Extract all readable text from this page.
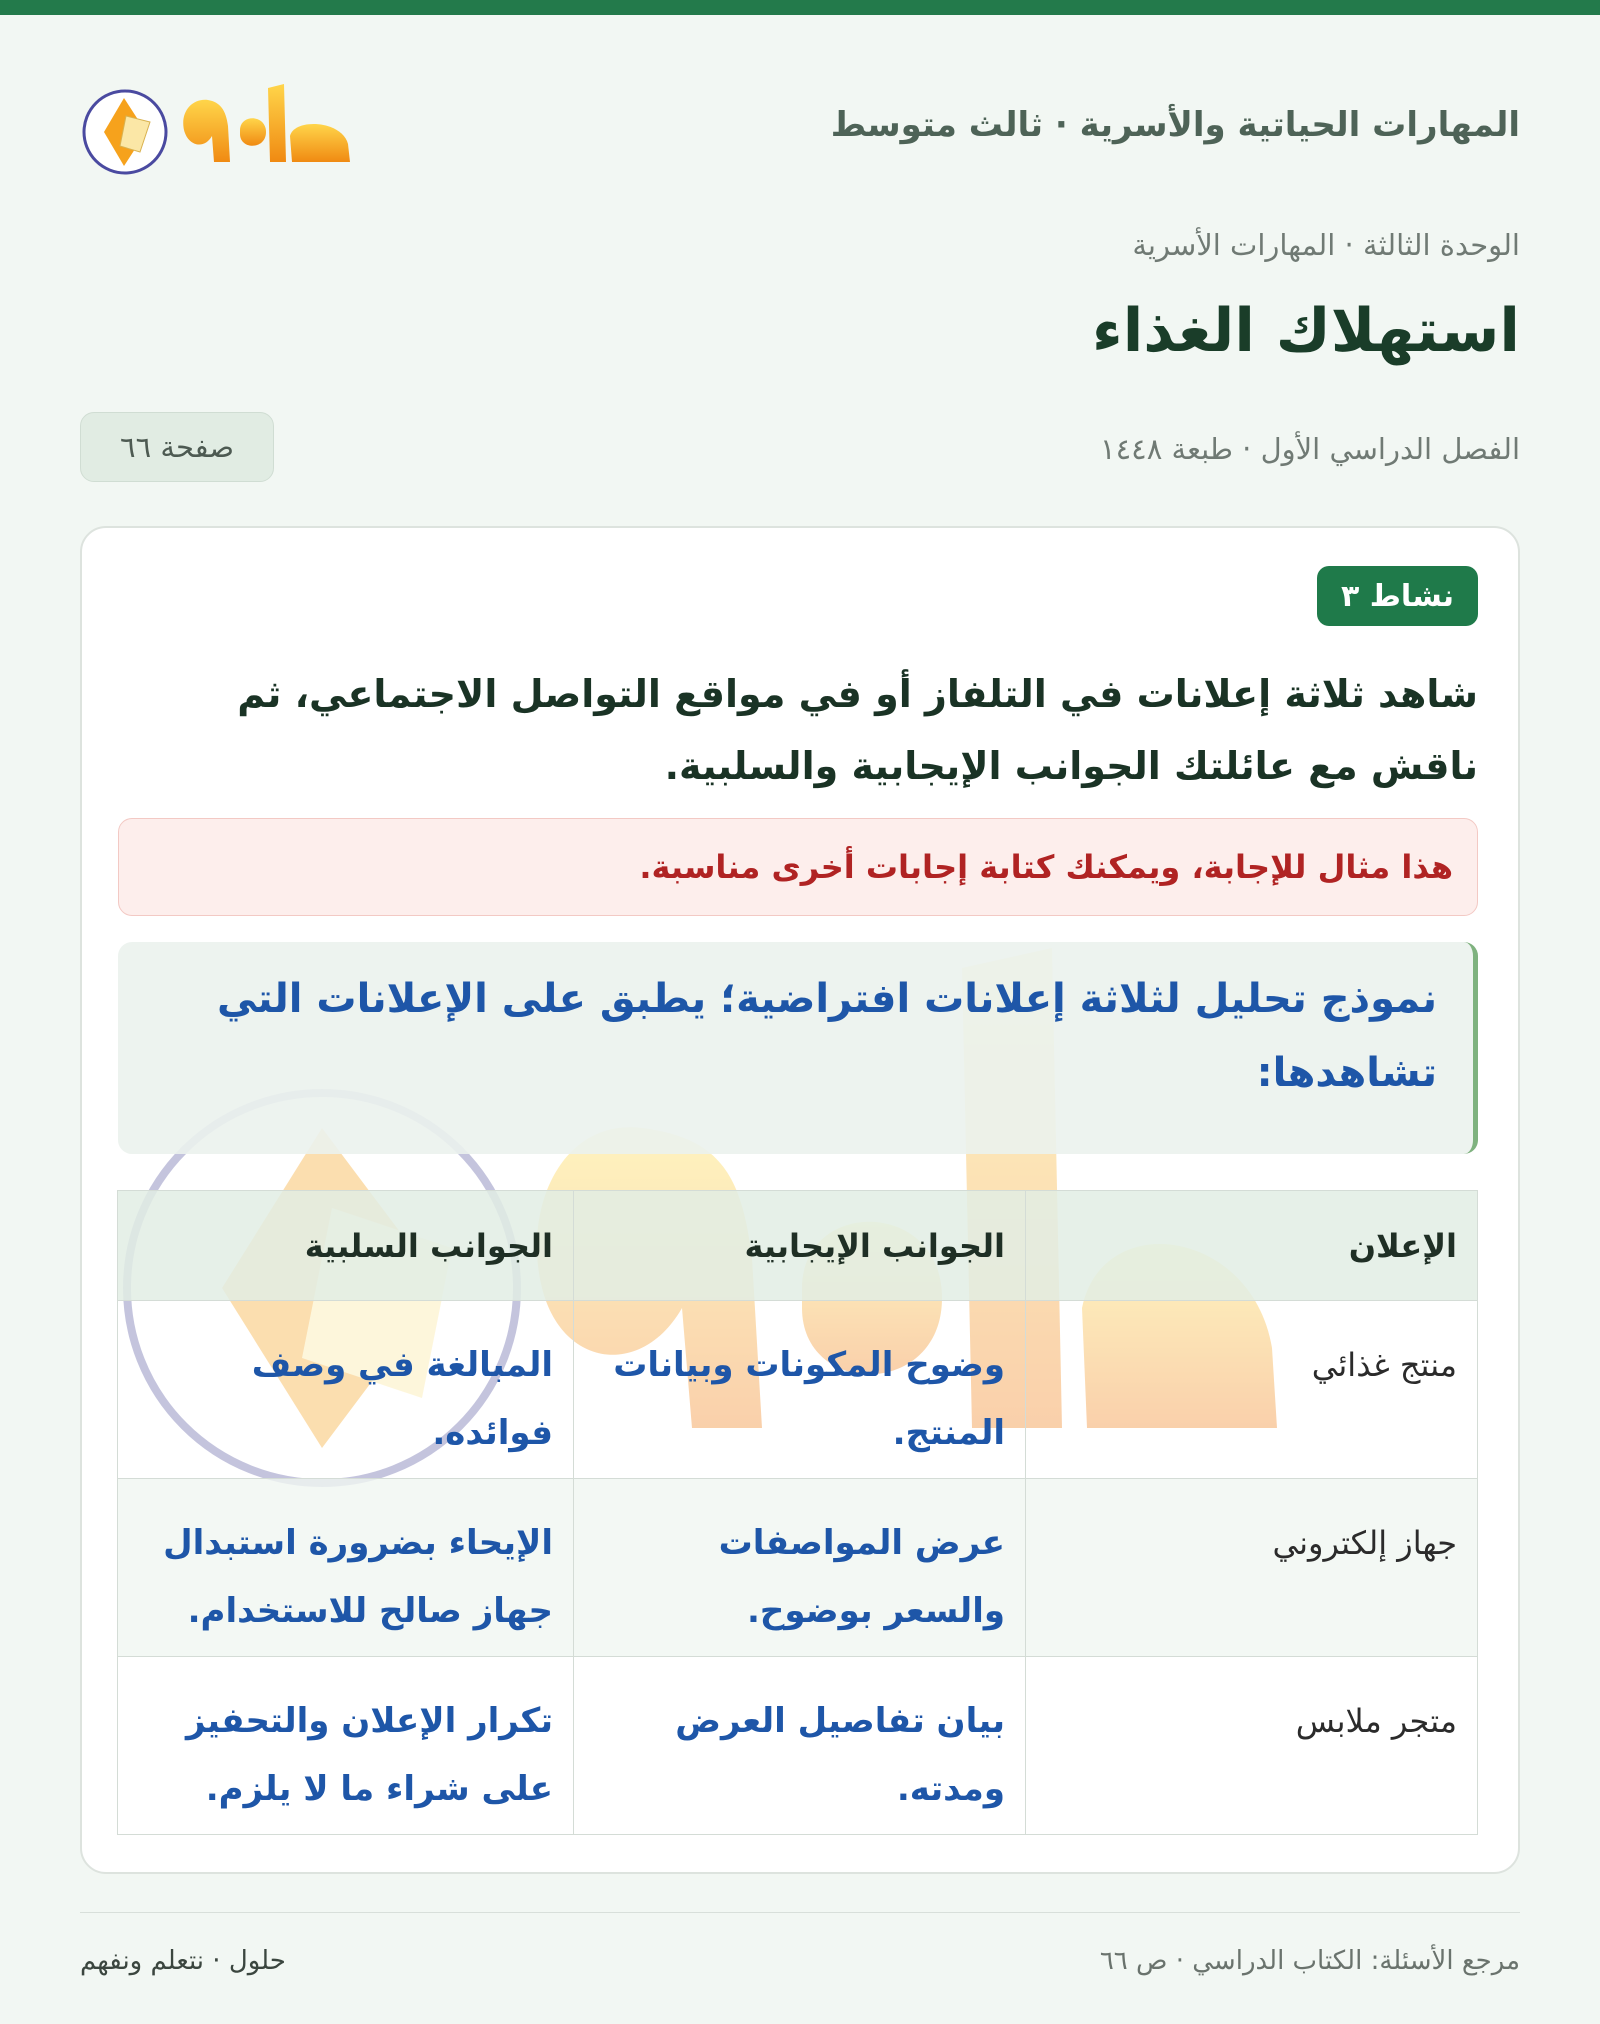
المهارات الحياتية والأسرية · ثالث متوسط
حلول
الوحدة الثالثة · المهارات الأسرية
استهلاك الغذاء
الفصل الدراسي الأول · طبعة ١٤٤٨
صفحة ٦٦
نشاط ٣
شاهد ثلاثة إعلانات في التلفاز أو في مواقع التواصل الاجتماعي، ثم ناقش مع عائلتك الجوانب الإيجابية والسلبية.
هذا مثال للإجابة، ويمكنك كتابة إجابات أخرى مناسبة.
نموذج تحليل لثلاثة إعلانات افتراضية؛ يطبق على الإعلانات التي تشاهدها:
الإعلان	الجوانب الإيجابية	الجوانب السلبية
منتج غذائي	وضوح المكونات وبيانات المنتج.	المبالغة في وصف فوائده.
جهاز إلكتروني	عرض المواصفات والسعر بوضوح.	الإيحاء بضرورة استبدال جهاز صالح للاستخدام.
متجر ملابس	بيان تفاصيل العرض ومدته.	تكرار الإعلان والتحفيز على شراء ما لا يلزم.
مرجع الأسئلة: الكتاب الدراسي · ص ٦٦
حلول · نتعلم ونفهم
